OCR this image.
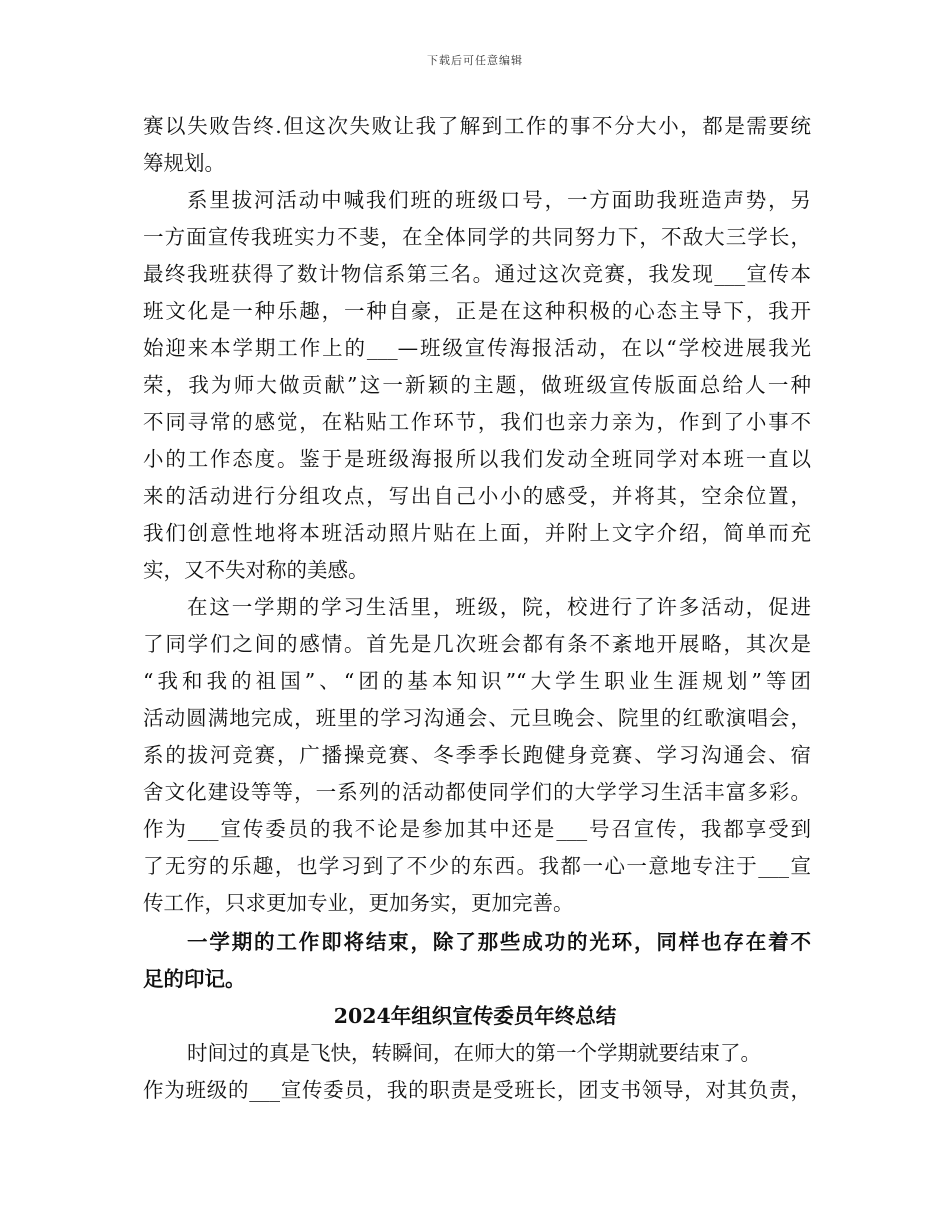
下载后可任意编辑
赛以失败告终.但这次失败让我了解到工作的事不分大小，都是需要统
筹规划。
系里拔河活动中喊我们班的班级口号，一方面助我班造声势，另
一方面宣传我班实力不斐，在全体同学的共同努力下，不敌大三学长，
最终我班获得了数计物信系第三名。通过这次竞赛，我发现___宣传本
班文化是一种乐趣，一种自豪，正是在这种积极的心态主导下，我开
始迎来本学期工作上的___—班级宣传海报活动，在以“学校进展我光
荣，我为师大做贡献”这一新颖的主题，做班级宣传版面总给人一种
不同寻常的感觉，在粘贴工作环节，我们也亲力亲为，作到了小事不
小的工作态度。鉴于是班级海报所以我们发动全班同学对本班一直以
来的活动进行分组攻点，写出自己小小的感受，并将其，空余位置，
我们创意性地将本班活动照片贴在上面，并附上文字介绍，简单而充
实，又不失对称的美感。
在这一学期的学习生活里，班级，院，校进行了许多活动，促进
了同学们之间的感情。首先是几次班会都有条不紊地开展略，其次是
“我和我的祖国”、“团的基本知识”“大学生职业生涯规划”等团
活动圆满地完成，班里的学习沟通会、元旦晚会、院里的红歌演唱会，
系的拔河竞赛，广播操竞赛、冬季季长跑健身竞赛、学习沟通会、宿
舍文化建设等等，一系列的活动都使同学们的大学学习生活丰富多彩。
作为___宣传委员的我不论是参加其中还是___号召宣传，我都享受到
了无穷的乐趣，也学习到了不少的东西。我都一心一意地专注于___宣
传工作，只求更加专业，更加务实，更加完善。
一学期的工作即将结束，除了那些成功的光环，同样也存在着不
足的印记。
2024年组织宣传委员年终总结
时间过的真是飞快，转瞬间，在师大的第一个学期就要结束了。
作为班级的___宣传委员，我的职责是受班长，团支书领导，对其负责，
